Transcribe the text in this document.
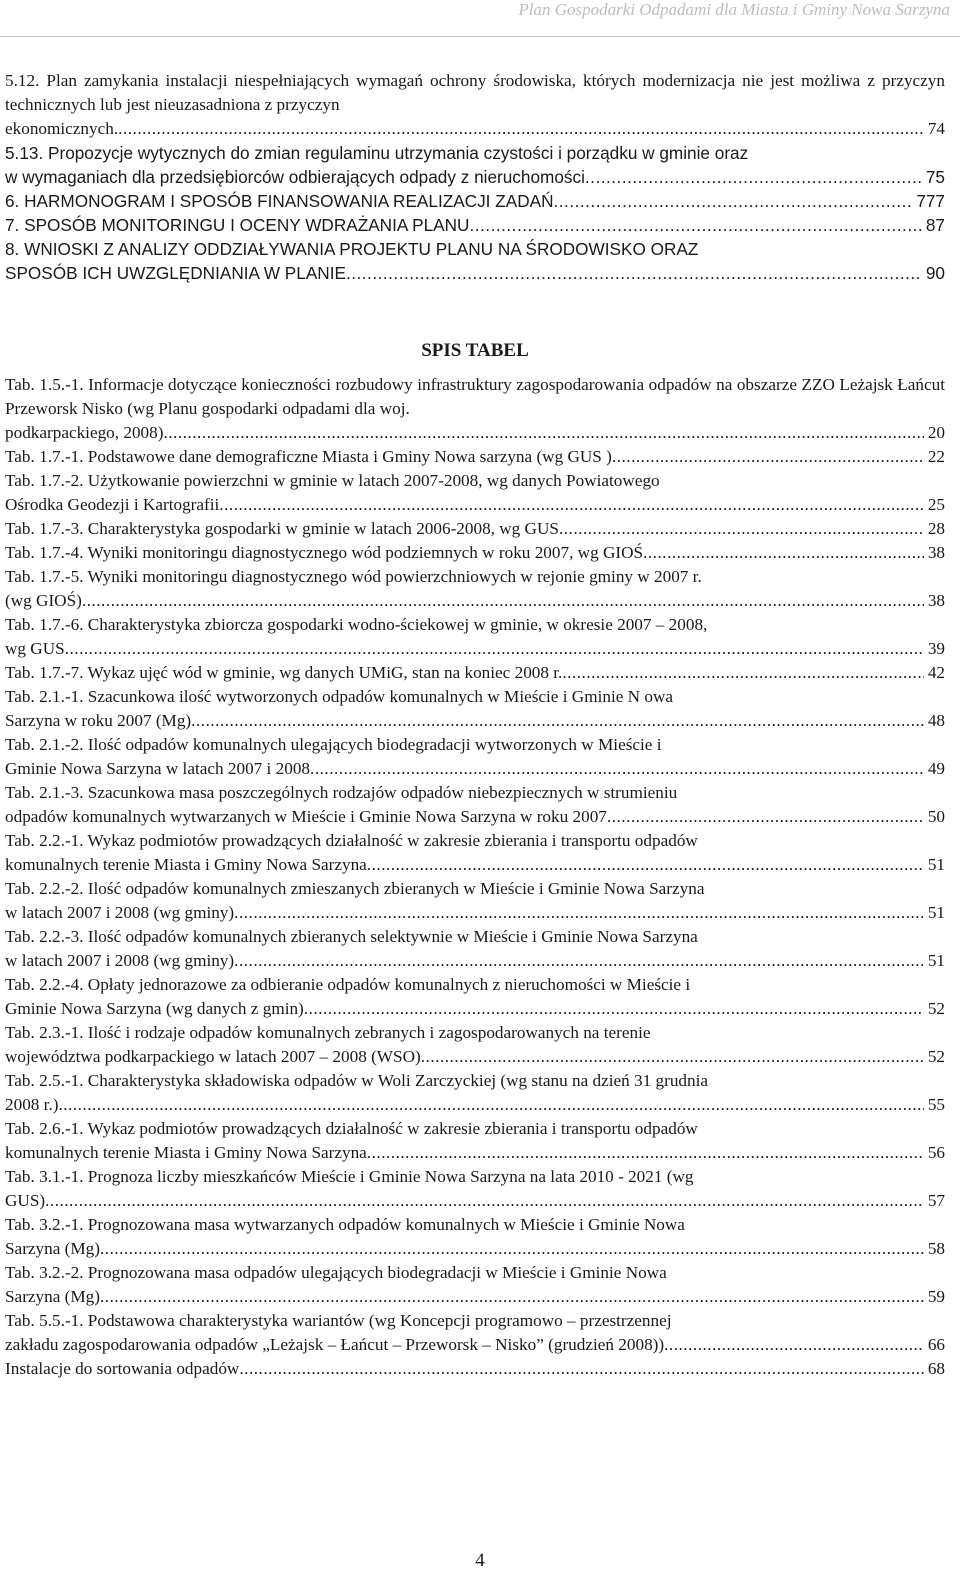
Plan Gospodarki Odpadami dla Miasta i Gminy Nowa Sarzyna
5.12. Plan zamykania instalacji niespełniających wymagań ochrony środowiska, których modernizacja nie jest możliwa z przyczyn technicznych lub jest nieuzasadniona z przyczyn
ekonomicznych. .....	74
5.13. Propozycje wytycznych do zmian regulaminu utrzymania czystości i porządku w gminie oraz
w wymaganiach dla przedsiębiorców odbierających odpady z nieruchomości .....	75
6. HARMONOGRAM I SPOSÓB FINANSOWANIA REALIZACJI ZADAŃ .....	777
7. SPOSÓB MONITORINGU I OCENY WDRAŻANIA PLANU .....	87
8. WNIOSKI Z ANALIZY ODDZIAŁYWANIA PROJEKTU PLANU NA ŚRODOWISKO ORAZ
SPOSÓB ICH UWZGLĘDNIANIA W PLANIE .....	90
SPIS TABEL
Tab. 1.5.-1. Informacje dotyczące konieczności rozbudowy infrastruktury zagospodarowania odpadów na obszarze ZZO Leżajsk Łańcut Przeworsk Nisko (wg Planu gospodarki odpadami dla woj.
podkarpackiego, 2008) .....	20
Tab. 1.7.-1. Podstawowe dane demograficzne Miasta i Gminy Nowa sarzyna (wg GUS ) .....	22
Tab. 1.7.-2. Użytkowanie powierzchni w gminie w latach 2007-2008, wg danych Powiatowego
Ośrodka Geodezji i Kartografii .....	25
Tab. 1.7.-3. Charakterystyka gospodarki w gminie w latach 2006-2008, wg GUS .....	28
Tab. 1.7.-4. Wyniki monitoringu diagnostycznego wód podziemnych w roku 2007, wg GIOŚ .....	38
Tab. 1.7.-5. Wyniki monitoringu diagnostycznego wód powierzchniowych w rejonie gminy w 2007 r.
(wg GIOŚ) .....	38
Tab. 1.7.-6. Charakterystyka zbiorcza gospodarki wodno-ściekowej w gminie, w okresie 2007 – 2008,
wg GUS .....	39
Tab. 1.7.-7. Wykaz ujęć wód w gminie, wg danych UMiG, stan na koniec 2008 r. .....	42
Tab. 2.1.-1. Szacunkowa ilość wytworzonych odpadów komunalnych w Mieście i Gminie N owa
Sarzyna w roku 2007 (Mg) .....	48
Tab. 2.1.-2. Ilość odpadów komunalnych ulegających biodegradacji wytworzonych w Mieście i
Gminie Nowa Sarzyna w latach 2007 i 2008 .....	49
Tab. 2.1.-3. Szacunkowa masa poszczególnych rodzajów odpadów niebezpiecznych w strumieniu
odpadów komunalnych wytwarzanych w Mieście i Gminie Nowa Sarzyna w roku 2007 .....	50
Tab. 2.2.-1. Wykaz podmiotów prowadzących działalność w zakresie zbierania i transportu odpadów
komunalnych terenie Miasta i Gminy Nowa Sarzyna .....	51
Tab. 2.2.-2. Ilość odpadów komunalnych zmieszanych zbieranych w Mieście i Gminie Nowa Sarzyna
w latach 2007 i 2008 (wg gminy) .....	51
Tab. 2.2.-3. Ilość odpadów komunalnych zbieranych selektywnie w Mieście i Gminie Nowa Sarzyna
w latach 2007 i 2008 (wg gminy) .....	51
Tab. 2.2.-4. Opłaty jednorazowe za odbieranie odpadów komunalnych z nieruchomości w Mieście i
Gminie Nowa Sarzyna (wg danych z gmin) .....	52
Tab. 2.3.-1. Ilość i rodzaje odpadów komunalnych zebranych i zagospodarowanych na terenie
województwa podkarpackiego w latach 2007 – 2008 (WSO) .....	52
Tab. 2.5.-1. Charakterystyka składowiska odpadów w Woli Zarczyckiej (wg stanu na dzień 31 grudnia
2008 r.) .....	55
Tab. 2.6.-1. Wykaz podmiotów prowadzących działalność w zakresie zbierania i transportu odpadów
komunalnych terenie Miasta i Gminy Nowa Sarzyna .....	56
Tab. 3.1.-1. Prognoza liczby mieszkańców Mieście i Gminie Nowa Sarzyna na lata 2010 - 2021 (wg
GUS) .....	57
Tab. 3.2.-1. Prognozowana masa wytwarzanych odpadów komunalnych w Mieście i Gminie Nowa
Sarzyna (Mg) .....	58
Tab. 3.2.-2. Prognozowana masa odpadów ulegających biodegradacji w Mieście i Gminie Nowa
Sarzyna (Mg) .....	59
Tab. 5.5.-1. Podstawowa charakterystyka wariantów (wg Koncepcji programowo – przestrzennej
zakładu zagospodarowania odpadów „Leżajsk – Łańcut – Przeworsk – Nisko” (grudzień 2008)) .....	66
Instalacje do sortowania odpadów .....	68
4
